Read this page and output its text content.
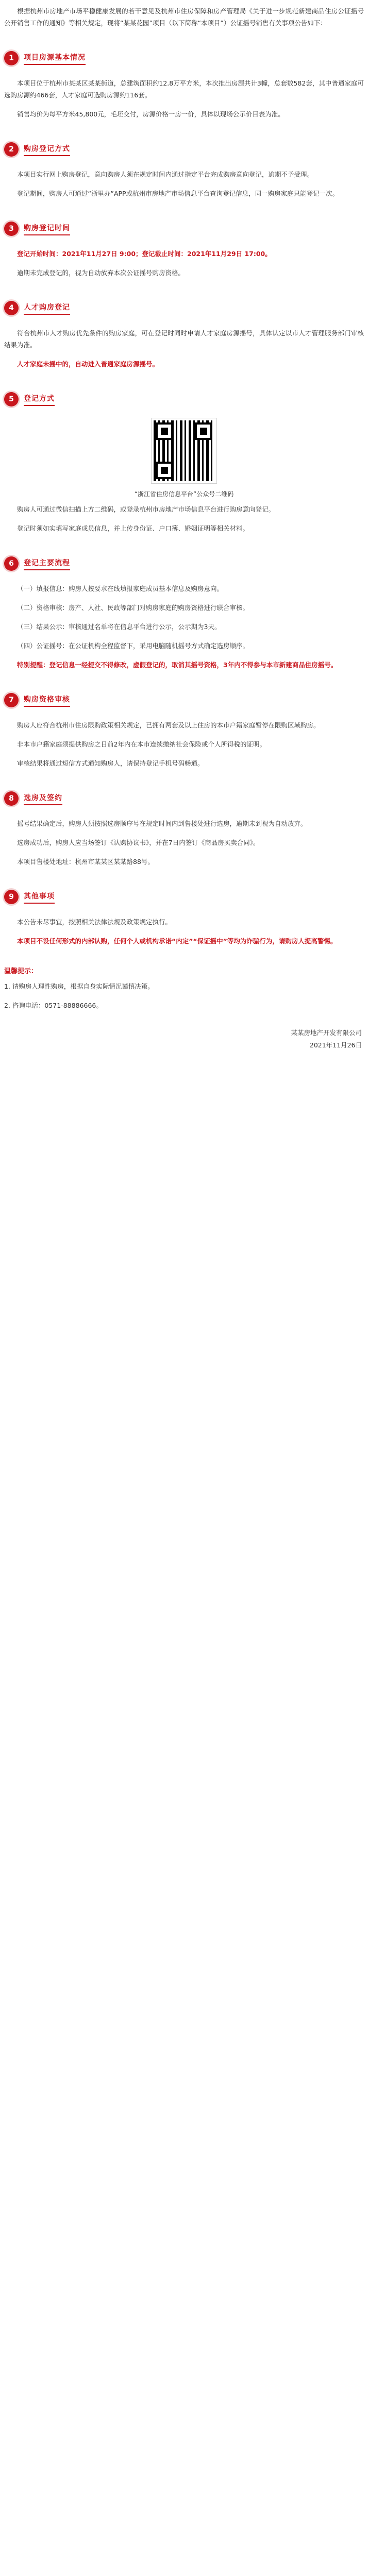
根据杭州市房地产市场平稳健康发展的若干意见及杭州市住房保障和房产管理局《关于进一步规范新建商品住房公证摇号公开销售工作的通知》等相关规定，现将“某某花园”项目（以下简称“本项目”）公证摇号销售有关事项公告如下：

1	项目房源基本情况

本项目位于杭州市某某区某某街道，总建筑面积约12.8万平方米，本次推出房源共计3幢，总套数582套，其中普通家庭可选购房源约466套，人才家庭可选购房源约116套。

销售均价为每平方米45,800元，毛坯交付，房源价格一房一价，具体以现场公示价目表为准。

2	购房登记方式

本项目实行网上购房登记，意向购房人须在规定时间内通过指定平台完成购房意向登记，逾期不予受理。

登记期间，购房人可通过“浙里办”APP或杭州市房地产市场信息平台查询登记信息，同一购房家庭只能登记一次。

3	购房登记时间

登记开始时间：2021年11月27日 9:00；登记截止时间：2021年11月29日 17:00。

逾期未完成登记的，视为自动放弃本次公证摇号购房资格。

4	人才购房登记

符合杭州市人才购房优先条件的购房家庭，可在登记时同时申请人才家庭房源摇号，具体认定以市人才管理服务部门审核结果为准。

人才家庭未摇中的，自动进入普通家庭房源摇号。

5	登记方式
“浙江省住房信息平台”公众号二维码

购房人可通过微信扫描上方二维码，或登录杭州市房地产市场信息平台进行购房意向登记。

登记时须如实填写家庭成员信息，并上传身份证、户口簿、婚姻证明等相关材料。

6	登记主要流程

（一）填报信息：购房人按要求在线填报家庭成员基本信息及购房意向。

（二）资格审核：房产、人社、民政等部门对购房家庭的购房资格进行联合审核。

（三）结果公示：审核通过名单将在信息平台进行公示，公示期为3天。

（四）公证摇号：在公证机构全程监督下，采用电脑随机摇号方式确定选房顺序。

特别提醒：登记信息一经提交不得修改，虚假登记的，取消其摇号资格，3年内不得参与本市新建商品住房摇号。

7	购房资格审核

购房人应符合杭州市住房限购政策相关规定，已拥有两套及以上住房的本市户籍家庭暂停在限购区域购房。

非本市户籍家庭须提供购房之日前2年内在本市连续缴纳社会保险或个人所得税的证明。

审核结果将通过短信方式通知购房人，请保持登记手机号码畅通。

8	选房及签约

摇号结果确定后，购房人须按照选房顺序号在规定时间内到售楼处进行选房，逾期未到视为自动放弃。

选房成功后，购房人应当场签订《认购协议书》，并在7日内签订《商品房买卖合同》。

本项目售楼处地址：杭州市某某区某某路88号。

9	其他事项

本公告未尽事宜，按照相关法律法规及政策规定执行。

本项目不设任何形式的内部认购，任何个人或机构承诺“内定”“保证摇中”等均为诈骗行为，请购房人提高警惕。

温馨提示：

1. 请购房人理性购房，根据自身实际情况谨慎决策。

2. 咨询电话：0571-88886666。

某某房地产开发有限公司
2021年11月26日
